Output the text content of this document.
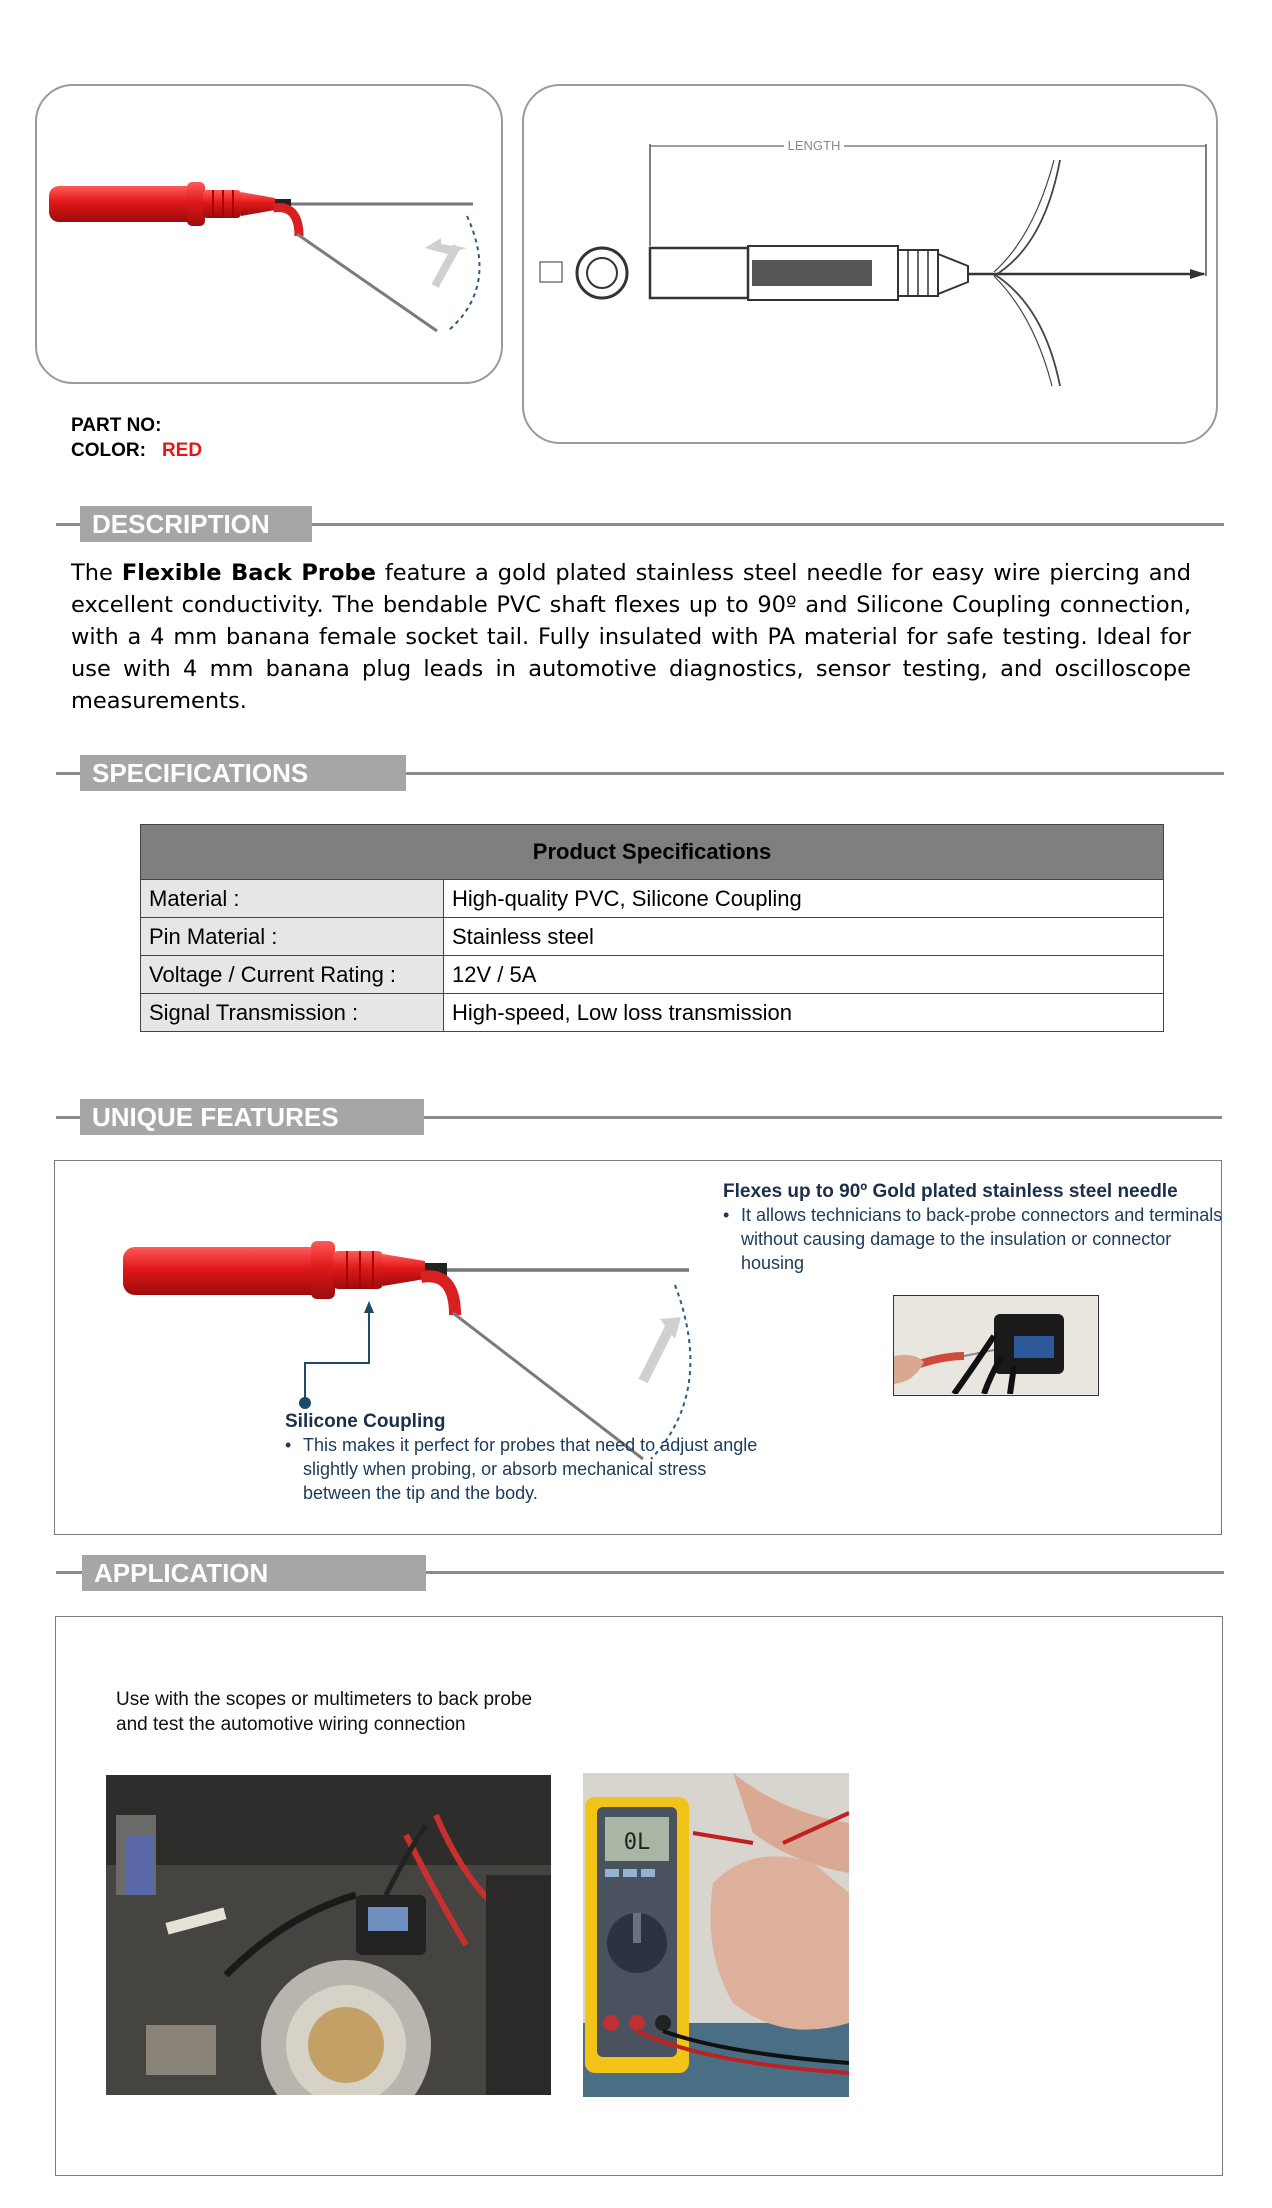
LENGTH
PART NO:
COLOR: RED
DESCRIPTION
The Flexible Back Probe feature a gold plated stainless steel needle for easy wire piercing and excellent conductivity. The bendable PVC shaft flexes up to 90º and Silicone Coupling connection, with a 4 mm banana female socket tail. Fully insulated with PA material for safe testing. Ideal for use with 4 mm banana plug leads in automotive diagnostics, sensor testing, and oscilloscope measurements.
SPECIFICATIONS
Product Specifications	
Material :	High-quality PVC, Silicone Coupling
Pin Material :	Stainless steel
Voltage / Current Rating :	12V / 5A
Signal Transmission :	High-speed, Low loss transmission
UNIQUE FEATURES
Flexes up to 90º Gold plated stainless steel needle
• It allows technicians to back-probe connectors and terminals without causing damage to the insulation or connector housing
Silicone Coupling
• This makes it perfect for probes that need to adjust angle slightly when probing, or absorb mechanical stress between the tip and the body.
APPLICATION
Use with the scopes or multimeters to back probe and test the automotive wiring connection
0L
